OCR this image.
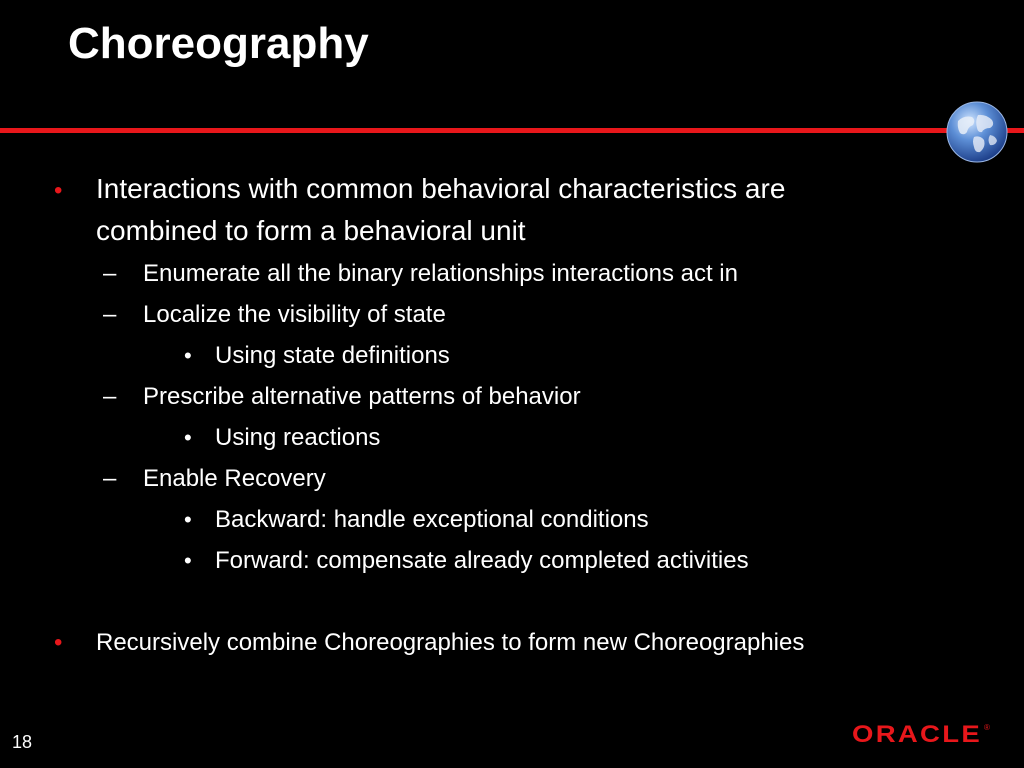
Choreography
• Interactions with common behavioral characteristics are
combined to form a behavioral unit
– Enumerate all the binary relationships interactions act in
– Localize the visibility of state
• Using state definitions
– Prescribe alternative patterns of behavior
• Using reactions
– Enable Recovery
• Backward: handle exceptional conditions
• Forward: compensate already completed activities
• Recursively combine Choreographies to form new Choreographies
18	ORACLE ®
